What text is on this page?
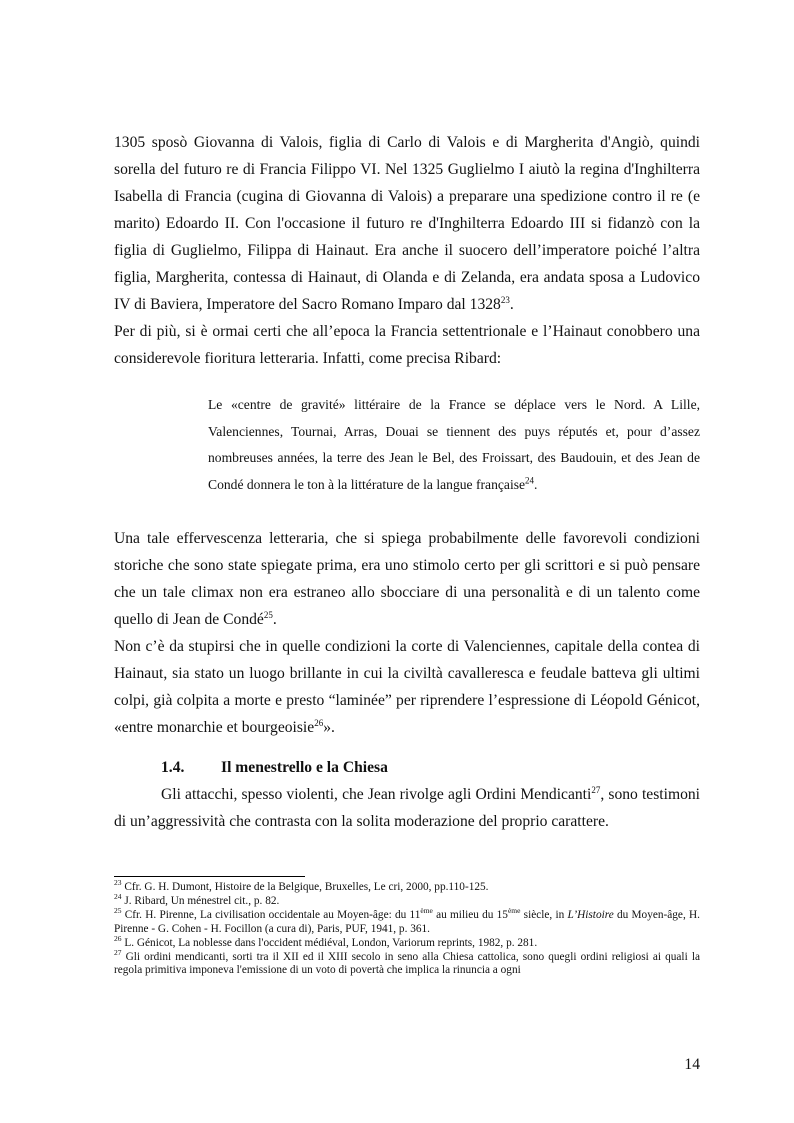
1305 sposò Giovanna di Valois, figlia di Carlo di Valois e di Margherita d'Angiò, quindi sorella del futuro re di Francia Filippo VI. Nel 1325 Guglielmo I aiutò la regina d'Inghilterra Isabella di Francia (cugina di Giovanna di Valois) a preparare una spedizione contro il re (e marito) Edoardo II. Con l'occasione il futuro re d'Inghilterra Edoardo III si fidanzò con la figlia di Guglielmo, Filippa di Hainaut. Era anche il suocero dell’imperatore poiché l’altra figlia, Margherita, contessa di Hainaut, di Olanda e di Zelanda, era andata sposa a Ludovico IV di Baviera, Imperatore del Sacro Romano Imparo dal 1328$^{23}$.

Per di più, si è ormai certi che all’epoca la Francia settentrionale e l’Hainaut conobbero una considerevole fioritura letteraria. Infatti, come precisa Ribard:

Le «centre de gravité» littéraire de la France se déplace vers le Nord. A Lille, Valenciennes, Tournai, Arras, Douai se tiennent des puys réputés et, pour d’assez nombreuses années, la terre des Jean le Bel, des Froissart, des Baudouin, et des Jean de Condé donnera le ton à la littérature de la langue française$^{24}$.

Una tale effervescenza letteraria, che si spiega probabilmente delle favorevoli condizioni storiche che sono state spiegate prima, era uno stimolo certo per gli scrittori e si può pensare che un tale climax non era estraneo allo sbocciare di una personalità e di un talento come quello di Jean de Condé$^{25}$.

Non c’è da stupirsi che in quelle condizioni la corte di Valenciennes, capitale della contea di Hainaut, sia stato un luogo brillante in cui la civiltà cavalleresca e feudale batteva gli ultimi colpi, già colpita a morte e presto “laminée” per riprendere l’espressione di Léopold Génicot, «entre monarchie et bourgeoisie$^{26}$».

1.4. Il menestrello e la Chiesa

Gli attacchi, spesso violenti, che Jean rivolge agli Ordini Mendicanti$^{27}$, sono testimoni di un’aggressività che contrasta con la solita moderazione del proprio carattere.

$^{23}$ Cfr. G. H. Dumont, Histoire de la Belgique, Bruxelles, Le cri, 2000, pp.110-125.

$^{24}$ J. Ribard, Un ménestrel cit., p. 82.

$^{25}$ Cfr. H. Pirenne, La civilisation occidentale au Moyen-âge: du 11ème au milieu du 15ème siècle, in L’Histoire du Moyen-âge, H. Pirenne - G. Cohen - H. Focillon (a cura di), Paris, PUF, 1941, p. 361.

$^{26}$ L. Génicot, La noblesse dans l'occident médiéval, London, Variorum reprints, 1982, p. 281.

$^{27}$ Gli ordini mendicanti, sorti tra il XII ed il XIII secolo in seno alla Chiesa cattolica, sono quegli ordini religiosi ai quali la regola primitiva imponeva l'emissione di un voto di povertà che implica la rinuncia a ogni

14
